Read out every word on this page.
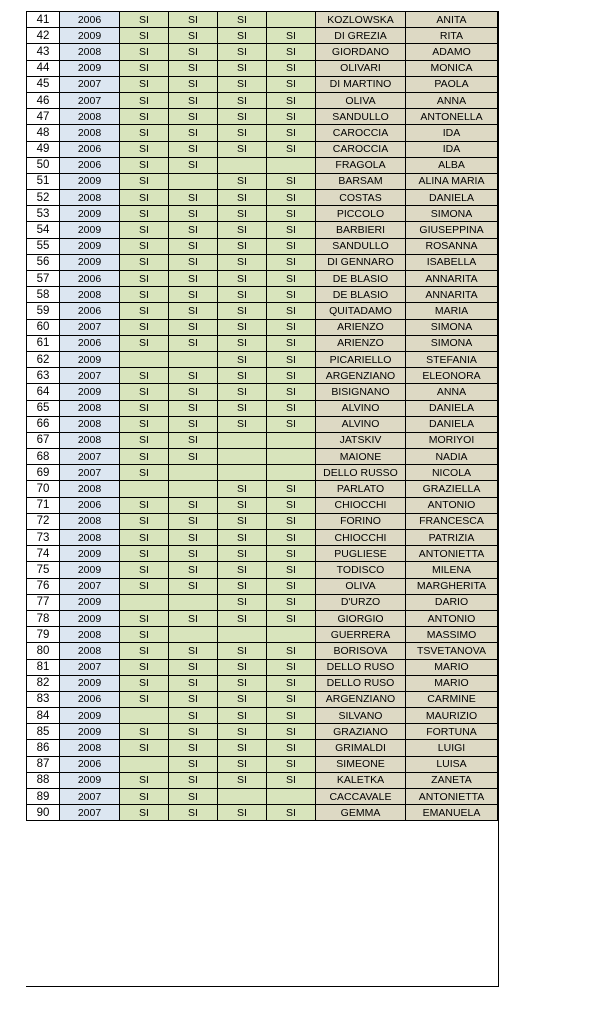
41	2006	SI	SI	SI		KOZLOWSKA	ANITA
42	2009	SI	SI	SI	SI	DI GREZIA	RITA
43	2008	SI	SI	SI	SI	GIORDANO	ADAMO
44	2009	SI	SI	SI	SI	OLIVARI	MONICA
45	2007	SI	SI	SI	SI	DI MARTINO	PAOLA
46	2007	SI	SI	SI	SI	OLIVA	ANNA
47	2008	SI	SI	SI	SI	SANDULLO	ANTONELLA
48	2008	SI	SI	SI	SI	CAROCCIA	IDA
49	2006	SI	SI	SI	SI	CAROCCIA	IDA
50	2006	SI	SI			FRAGOLA	ALBA
51	2009	SI		SI	SI	BARSAM	ALINA MARIA
52	2008	SI	SI	SI	SI	COSTAS	DANIELA
53	2009	SI	SI	SI	SI	PICCOLO	SIMONA
54	2009	SI	SI	SI	SI	BARBIERI	GIUSEPPINA
55	2009	SI	SI	SI	SI	SANDULLO	ROSANNA
56	2009	SI	SI	SI	SI	DI GENNARO	ISABELLA
57	2006	SI	SI	SI	SI	DE BLASIO	ANNARITA
58	2008	SI	SI	SI	SI	DE BLASIO	ANNARITA
59	2006	SI	SI	SI	SI	QUITADAMO	MARIA
60	2007	SI	SI	SI	SI	ARIENZO	SIMONA
61	2006	SI	SI	SI	SI	ARIENZO	SIMONA
62	2009			SI	SI	PICARIELLO	STEFANIA
63	2007	SI	SI	SI	SI	ARGENZIANO	ELEONORA
64	2009	SI	SI	SI	SI	BISIGNANO	ANNA
65	2008	SI	SI	SI	SI	ALVINO	DANIELA
66	2008	SI	SI	SI	SI	ALVINO	DANIELA
67	2008	SI	SI			JATSKIV	MORIYOI
68	2007	SI	SI			MAIONE	NADIA
69	2007	SI				DELLO RUSSO	NICOLA
70	2008			SI	SI	PARLATO	GRAZIELLA
71	2006	SI	SI	SI	SI	CHIOCCHI	ANTONIO
72	2008	SI	SI	SI	SI	FORINO	FRANCESCA
73	2008	SI	SI	SI	SI	CHIOCCHI	PATRIZIA
74	2009	SI	SI	SI	SI	PUGLIESE	ANTONIETTA
75	2009	SI	SI	SI	SI	TODISCO	MILENA
76	2007	SI	SI	SI	SI	OLIVA	MARGHERITA
77	2009			SI	SI	D'URZO	DARIO
78	2009	SI	SI	SI	SI	GIORGIO	ANTONIO
79	2008	SI				GUERRERA	MASSIMO
80	2008	SI	SI	SI	SI	BORISOVA	TSVETANOVA
81	2007	SI	SI	SI	SI	DELLO RUSO	MARIO
82	2009	SI	SI	SI	SI	DELLO RUSO	MARIO
83	2006	SI	SI	SI	SI	ARGENZIANO	CARMINE
84	2009		SI	SI	SI	SILVANO	MAURIZIO
85	2009	SI	SI	SI	SI	GRAZIANO	FORTUNA
86	2008	SI	SI	SI	SI	GRIMALDI	LUIGI
87	2006		SI	SI	SI	SIMEONE	LUISA
88	2009	SI	SI	SI	SI	KALETKA	ZANETA
89	2007	SI	SI			CACCAVALE	ANTONIETTA
90	2007	SI	SI	SI	SI	GEMMA	EMANUELA
